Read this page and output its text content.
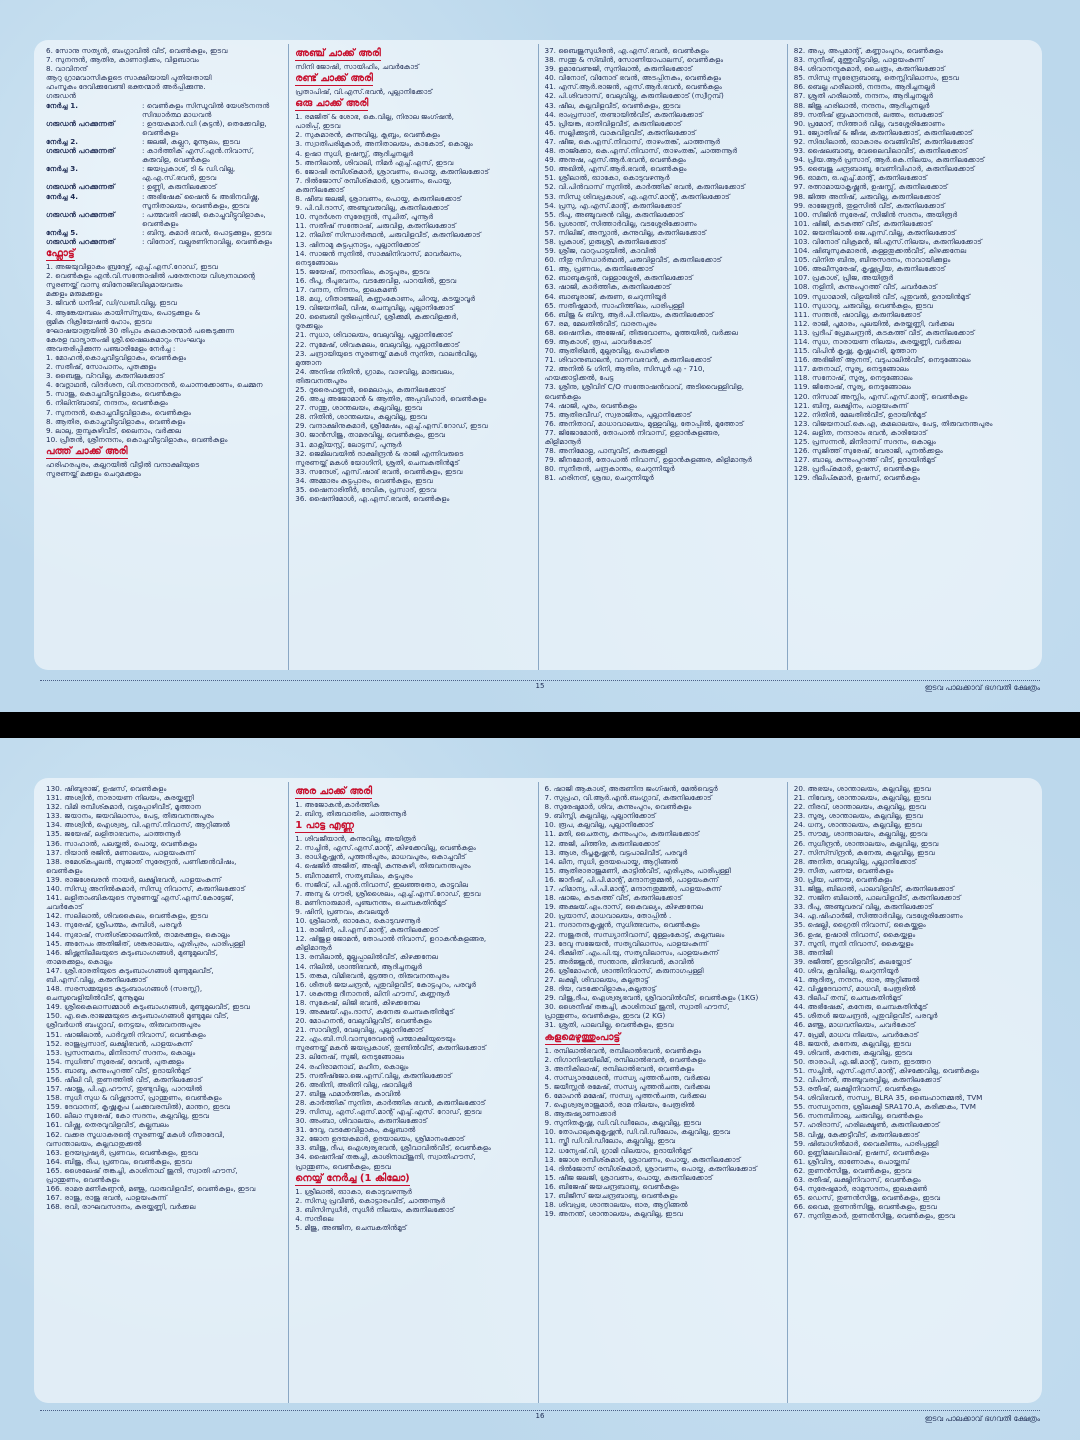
6. സോനു സത്യൻ, ബംഗ്ലാവിൽ വീട്, വെൺകുളം, ഇടവ
7. സുനന്ദൻ, ആതിര, കാണാദ്ദിക്കം, വിളബാവം
8. വാവിനന്ദ്
ആറു ഗ്രാമവാസികളുടെ സാക്ഷിയായി പുതിയതായി
ഹംസൂകം ദേവിക്കുവേണ്ടി ഭക്തന്മാർ അർപ്പിക്കുന്നു.
ഗരുഡൻ
നേർച്ച 1.	: വെൺകുളം സിന്ധൂവിൽ യേശ്ടനന്ദൻ സിദ്ധാർത്ഥ മാധവൻ
ഗരുഡൻ പറക്കുന്നത്	: ഉദയകുമാർ.ഡി (കുട്ടൻ), തെക്കേവിള, വെൺകുളം
നേർച്ച 2.	: ജലജി, കല്ലറ, മൂന്നൂലം, ഇടവ
ഗരുഡൻ പറക്കുന്നത്	: കാർത്തിക് എസ്.എൻ.നിവാസ്, കുരുവിള, വെൺകുളം
നേർച്ച 3.	: ജയപ്രകാശ്, ടി & ഡി.വില്ല, എ.എ.സ്.ഭവൻ, ഇടവ
ഗരുഡൻ പറക്കുന്നത്	: ഉണ്ണി, കരുനിലക്കോട്
നേർച്ച 4.	: അഭിഷേക് ഷൈൻ & അഭിനവിഷ്ണു, സൂനിതാലയം, വെൺകുളം, ഇടവ
ഗരുഡൻ പറക്കുന്നത്	: പത്മവതി ഷാജി, കൊച്ചുവീട്ടുവിളാകം, വെൺകുളം
നേർച്ച 5.	: ബിന്ദു, കുമാർ ഭവൻ, പൊട്ടക്കുളം, ഇടവ
ഗരുഡൻ പറക്കുന്നത്	: വിനോദ്, വല്ലരണിനാവില്ല, വെൺകുളം
ഫ്ലോട്ട്
1. അജയുവിളാകം ബ്രദേഴ്സ്, എച്ച്.എസ്.റോഡ്, ഇടവ
2. വെൺകുളം എൻ.വി.സന്തോഷിൽ പരേതനായ വിശ്വനാഥന്റെ
സ്മരണയ്ക്ക് വാസു ബിനോജ്ഭവിലുമായവരും
മക്കളും മരുമക്കളും
3. ജിവൻ ധനീഷ്, ഡി/ഡബി.വില്ല, ഇടവ
4. ആങ്കേയമ്പലം കായിസ്സ്നയം, പൊട്ടക്കുളം &
ഭൂമിക റിക്രിയേഷൻ ഹോം, ഇടവ
ഘോഷയാത്രയിൽ 30 തിപ്പാം കലാകാരന്മാർ പങ്കെടുക്കുന്ന
കേരള വാദ്യാതംഷി ശ്രീ.ഷൈലകുമാറും സംഘവും
അവതരിപ്പിക്കുന്ന പഞ്ചാരിമേളം നേർച്ച :
1. മോഹൻ,കൊച്ചുവീട്ടുവിളാകം, വെൺകുളം
2. സതീഷ്, സോപാനം, പുതക്കുളം
3. ബൈജു, വ്റവില്ല, കരുനിലക്കോട്
4. വേദ്നാഥൻ, വിദർശന, വി.നന്ദാനന്ദൻ, ചൊന്നക്കോണം, ചെമ്മന
5. സാജു, കൊച്ചുവീട്ടുവിളാകം, വെൺകുളം
6. നിലിന്ബാബ്, നന്ദനം, വെൺകുളം
7. സുനന്ദൻ, കൊച്ചുവീട്ടുവിളാകം, വെൺകുളം
8. ആതിര, കൊച്ചുവീട്ടുവിളാകം, വെൺകുളം
9. ലാലു, തുമ്പുകുഴിവീട്, ലൈനാം, വർക്കല
10. പ്രീതൻ, ശ്രീനന്ദനം, കൊച്ചുവീട്ടുവിളാകം, വെൺകുളം
പത്ത് ചാക്ക് അരി
ഹരിഹരപുരം, കല്ലറയിൽ വീട്ടിൽ വന്ദാക്ഷിയുടെ
സ്മരണയ്ക്ക് മക്കളും ചെറുമക്കളും
അഞ്ച് ചാക്ക് അരി
സിനി ജോഷി, സായിഹിം, ചവർകോട്
രണ്ട് ചാക്ക് അരി
പ്രതാപിഷ്, വി.എസ്.ഭവൻ, പുല്ലാനിക്കോട്
ഒരു ചാക്ക് അരി
1. രമജിത് & ശോഭ, കെ.വില്ല, നിരാല ജംഗ്ഷൻ,
പാരിപ്പ്, ഇടവ
2. സുകുമാരൻ, കുന്നുവില്ല, ക്ലബ്ബം, വെൺകുളം
3. സ്വാതിപരിമുകാർ, അനിതാലയം, കാകോട്, കൊല്ലം
4. ഉഷാ സുധി, ഉഷസ്സ്, ആദിച്ചനല്ലൂർ
5. അനിലാൽ, ശിവാലി, നിമർ എച്ച്.എസ്, ഇടവ
6. ജോഷി രമ്പീശ്കുമാർ, ശ്രാവണം, പൊയ്ക, കരുനിലക്കോട്
7. ദിൽജോസ് രമ്പീശ്കുമാർ, ശ്രാവണം, പൊയ്ക,
കരുനിലക്കോട്
8. ഷീബ ജലജി, ശ്രാവണം, പൊയ്ക, കരുനിലക്കോട്
9. പി.വി.ദാസ്, അഞ്ചുവരുവില്ല, കരുനിലക്കോട്
10. സുദർശന സുരേന്ദ്രൻ, സുചിത്, പൂന്നൂർ
11. സതീഷ് സന്തോഷ്, ചരുവിള, കരുനിലക്കോട്
12. നിലിത് സിന്ധാർത്ഥൻ, ചരുവിളവീട്, കരുനിലക്കോട്
13. ഷിനാമു കുട്ടപ്പനാട്ടം, പുല്ലാനിക്കോട്
14. സാജൻ സുനിൽ, സാക്ഷിനിവാസ്, മാവർലനം,
നെടുങ്ങോലം
15. ജയേഷ്, നന്ദാനിലം, കാട്ടുപുരം, ഇടവ
16. ദീപു, ദീപുഭവനം, വടക്കേവിള, പാറയിൽ, ഇടവ
17. വന്ദന, നിന്ദനം, ഇലകമൺ
18. മധു, ഗീതാഞ്ജലി, കണ്ണംകോണം, ചിറയൂ, കടയ്ക്കാവൂർ
19. വിജയനിലീ, വിഷ, ചെമ്പുവില്ല, പുല്ലാനിക്കോട്
20. ബൈബി ദുരിപ്പെൻഡ്, ശ്രീക്കുമി, കക്കവിളുക്കർ,
ദൂരക്കല്ലും
21. സുധാ, ശിവാലയം, വേലുവില്ല, പുല്ലാനിക്കോട്
22. സുമേഷ്, ശിവകമലം, വേലുവില്ല, പുല്ലാനിക്കോട്
23. ചന്ദ്രായിയുടെ സ്മരണയ്ക്ക് മകൾ സുനിത, വാലൻവില്ല,
മുത്താന
24. അനിഷ നിതിൻ, ഗ്രാമം, വാഴവില്ല, മാരുവലം,
തിരുവനന്തപുരം
25. ദുരൈഫണ്ണൻ, മൈലാപ്പം, കരുനിലക്കോട്
26. അച്ചു അജോമാൻ & ആതിര, അപ്പുവിഹാർ, വെൺകുളം
27. സന്തു, ശാന്തലയം, കല്ലുവില്ല, ഇടവ
28. നിതിൻ, ശാന്തലയം, കല്ലുവില്ല, ഇടവ
29. വന്ദാക്ഷിനുകുമാർ, ശ്രീമേഷം, എച്ച്.എസ്.റോഡ്, ഇടവ
30. ജാൻസിജു, താമരവില്ല, വെൺകുളം, ഇടവ
31. മാക്സിയസ്റ്റ്, ലോട്ടസ്, പുന്നൂർ
32. ജെമിലവയിൽ ദാക്ഷിന്ദ്രൻ & രാജി എന്നിവരുടെ
സ്മരണയ്ക്ക് മകൾ യോഗിനി, ശ്രുതി, ചെമ്പകതിൻമൂട്
33. സന്ദേശ്, എസ്.ഷാഭ് ഭവൻ, വെൺകുളം, ഇടവ
34. അമ്മാരം കുട്ടപ്പാരം, വെൺകുളം, ഇടവ
35. ഷൈനാരിതീർ, ദേവിക, പ്രസാദ്, ഇടവ
36. ഷൈനിമോൾ, എ.എസ്.ഭവൻ, വെൺകുളം
37. ബൈജുസുധീരൻ, എ.എസ്.ഭവൻ, വെൺകുളം
38. സന്തു & സ്ബിൻ, സോണിയാപാലസ്, വെൺകുളം
39. ഉമാവേണുജി, സുനിലാൽ, കരുനിലക്കോട്
40. വിനോദ്, വിനോദ് ഭവൻ, അടപ്പിനകം, വെൺകുളം
41. എസ്.ആർ.രാജൻ, എസ്.ആർ.ഭവൻ, വെൺകുളം
42. പി.ശിവദാസ്, വേലുവില്ല, കരുനിലക്കോട് (സ്വീറ്റമ്പ്)
43. ഷീല, കല്ലുവിളവീട്, വെൺകുളം, ഇടവ
44. രാംപ്രസാദ്, തണ്ടായിൽവീട്, കരുനിലക്കോട്
45. പ്രിയങ്ക, ഭാതിവിളവീട്, കരുനിലക്കോട്
46. സല്ലിക്കുട്ടൻ, വാകുവിളവീട്, കരുനിലക്കോട്
47. ഷീജ, കെ.എസ്.നിവാസ്, താഴംതങ്ക്, ചാത്തന്നൂർ
48. താജ്ക്കോ, കെ.എസ്.നിവാസ്, താഴംതങ്ക്, ചാത്തന്നൂർ
49. അനുഷ, എസ്.ആർ.ഭവൻ, വെൺകുളം
50. അഖിൽ, എസ്.ആർ.ഭവൻ, വെൺകുളം
51. ശ്രീലാൽ, ഓാകോ, കൊടുവഴന്നൂർ
52. വി.പിൻവാസ് സുനിൽ, കാർത്തിക് ഭവൻ, കരുനിലക്കോട്
53. സിന്ധു ശിവപ്രകാശ്, എ.എസ്.മാന്റ്, കരുനിലക്കോട്
54. പ്രസു, എ.എസ്.മാന്റ്, കരുനിലക്കോട്
55. ദീപു, അഞ്ചുവരൻ വില്ല, കരുനിലക്കോട്
56. പ്രശാന്ത്, സിത്താർവില്ല, വടശ്ശേരിക്കോണം
57. സിലിജ്, അസ്ലാൻ, കുന്നുവില്ല, കരുനിലക്കോട്
58. പ്രകാശ്, ഗുരുശ്രീ, കരുനിലക്കോട്
59. ശ്രീജ, വാറുപാട്ടയിൽ, കാവിൽ
60. നീതു സിന്ധാർത്ഥൻ, ചരുവിളവീട്, കരുനിലക്കോട്
61. ആ, പ്രണവം, കരുനിലക്കോട്
62. ബാബുകുട്ടൻ, വള്ളാശ്ശേരി, കരുനിലക്കോട്
63. ഷാജി, കാർത്തിക, കരുനിലക്കോട്
64. ബാബുരാജ്, കരുണ, ചെറുന്നിയൂർ
65. സതീഷ്കുമാർ, സാഹിത്തിലം, പാരിപ്പള്ളി
66. ബിജു & ബിന്ദു, ആർ.പി.നിലയം, കരുനിലക്കോട്
67. രമ, മേലതിൽവീട്, വാരനപുരം
68. ഷൈനിക, അജേഷ്, തിരുവോണം, മുത്തയിൽ, വർക്കല
69. ആകാശ്, രൂപ, ചാവർകോട്
70. ആതിരിമൻ, മുല്ലൂരവില്ല, പൊഴിക്കര
71. ശിവാനുബാലൻ, വാസവഭവൻ, കരുനിലക്കോട്
72. അനിൽ & ഗിനി, ആതിര, സിന്ധൂർ എ - 710,
ഹയക്കാട്ടിക്കൽ, പേട്ട
73. ശ്രീനു, ശ്രീവിദ് C/O സന്തോഷൻവാവ്, അടിവൈള്ളിവിള,
വെൺകുളം
74. ഷാജി, പൂരം, വെൺകുളം
75. ആതിരവീഡ്, സ്വരാജിതം, പുല്ലാനിക്കോട്
76. അനിതാവ്, മാധാവാലയം, മുള്ളുവില്ല, തോപ്പിൽ, മൂത്തോട്
77. ജിജോമോൻ, തോപാൽ നിവാസ്, ഉളാൻകുളങ്ങര,
കിളിമാനൂർ
78. അനിമോളു, പാമ്പുവീട്, കരുക്കള്ളി
79. ജീനമോൻ, തോപാൽ നിവാസ്, ഉളാൻകുളങ്ങര, കിളിമാനൂർ
80. സുനീതൻ, ചന്ദ്രകാന്തം, ചെറുന്നിയൂർ
81. ഹരിനന്ദ്, ശ്രദ്ധ, ചെറുന്നിയൂർ
82. അപ്പു, അപ്പുമാന്റ്, കണ്ണാംപുറം, വെൺകുളം
83. സുനീഷ്, മുത്തുവീട്ടുവിള, പാളയംകുന്ന്
84. ശിവാനന്ദുകുമാർ, ചൈത്രം, കരുനിലക്കോട്
85. സിന്ധു സുരേന്ദ്രബാബു, തെസ്സിവിലാസം, ഇടവ
86. ബെല്ലു ഹരീലാൽ, നന്ദനം, ആദിച്ചനല്ലൂർ
87. ശ്രുതി ഹരീലാൽ, നന്ദനം, ആദിച്ചനല്ലൂർ
88. ജിജു ഹരിലാൽ, നന്ദനം, ആദിച്ചനല്ലൂർ
89. സതീഷ് ബ്രഹ്മാനന്ദൻ, ലത്തം, ഒമ്പക്കോട്
90. പ്രമോദ്, സിത്താർ വില്ല, വടശ്ശേരിക്കോണം
91. ജ്യോതിഷ് & ജീഷ, കരുനിലക്കോട്, കരുനിലക്കോട്
92. സിദ്ധിലാൽ, ഓാകാരം വെങ്ങിവീട്, കരുനിലക്കോട്
93. ഷൈലബാബു, വേലൈവിലാവീട്, കരുനിലക്കോട്
94. പ്രിയ.ആർ പ്രസാദ്, ആർ.കെ.നിലയം, കരുനിലക്കോട്
95. ബൈജു ചന്ദ്രബാബു, വേണിവിഹാർ, കരുനിലക്കോട്
96. ഓമന, ഒ.എച്ച്.മാന്റ്, കരുനിലക്കോട്
97. രത്നാമായാകൃഷ്ണൻ, ഉഷസ്സ്, കരുനിലക്കോട്
98. ജിത്ത അനിഷ്, ചരുവില്ല, കരുനിലക്കോട്
99. രാജേന്ദ്രൻ, തുളസിൽ വീട്, കരുനിലക്കോട്
100. സിജിൻ സുരേഷ്, സിജിൻ സദനം, അയിരൂർ
101. ഷിജി, കടകത്ത് വീട്, കരുനിലക്കോട്
102. ജയന്ദിലാൽ ജെ.എസ്.വില്ല, കരുനിലക്കോട്
103. വിനോദ് വിക്രമൻ, ജി.എസ്.നിലയം, കരുനിലക്കോട്
104. ഷിബുസുകുമാരൻ, കുള്ളതുക്കൽവീട്, കിഴക്കനേല
105. വിനിത ബിനു, ബിനുസദനം, നാവായിക്കുളം
106. അലീസുരേഷ്, കൃഷ്ണപ്രിയ, കരുനിലക്കോട്
107. പ്രകാശ്, പ്രിജ, അയിരൂർ
108. നളിനി, കുന്നുംപുറത്ത് വീട്, ചവർകോട്
109. സുധാമാരി, വിളയിൽ വീട്, പുതുവൽ, ഉദായിൻമൂട്
110. സുധാവു, ചരുവില്ല, വെൺകുളം, ഇടവ
111. സന്തൻ, ഷാവില്ല, കരുനിലക്കോട്
112. രാജി, പൂമാരം, പുലയിൽ, കുരയ്ക്കണ്ണി, വർക്കല
113. പ്രദീപ് പ്രേമചന്ദ്രൻ, കടകത്ത് വീട്, കരുനിലക്കോട്
114. സുധ, നാരായണ നിലയം, കുരയ്ക്കണ്ണി, വർക്കല
115. വിപിൻ കൃഷ്ണ, കൃഷ്ണഹരി, മൂത്താന
116. അഭിജിത് ആനന്ദ്, വടുപാലിൽവീട്, നെടുങ്ങോലം
117. മതനാഥ്, സൂര്യ, നെടുങ്ങോലം
118. സനോഷ്, സൂര്യ, നെടുങ്ങോലം
119. ജിതോഷ്, സൂര്യ, നെടുങ്ങോലം
120. നിസാമ് അസ്സിം, എസ്.എസ്.മാന്റ്, വെൺകുളം
121. ബിന്ദു, ലക്ഷ്മിനം, പാളയംകുന്ന്
122. നിതിൻ, മേലതിൽവീട്, ഉദായിൻമൂട്
123. വിജയനാഥ്.കെ.എ, കമലാലയം, പേട്ട, തിരുവനന്തപുരം
124. ലളിത, നന്ദാരാം ഭവൻ, കാരിയോട്
125. പ്രസന്നൻ, മിനിദാസ് സദനം, കൊല്ലം
126. സുജിത്ത് സുരേഷ്, വേരാജി, പുനൽക്കളും
127. ബാലു, കുന്നുംപുറത്ത് വീട്, ഉദായിൻമൂട്
128. പ്രദീപ്കുമാർ, ഉഷസ്, വെൺകുളം
129. ദീലിപ്കുമാർ, ഉഷസ്, വെൺകുളം
15	ഇടവ പാലക്കാവ് ഭഗവതി ക്ഷേത്രം
130. ഷിബുരാജ്, ഉഷസ്, വെൺകുളം
131. അശ്വിൻ, നാരായണ നിലയം, കുരയ്ക്കണ്ണി
132. വിമി രമ്പീശ്കുമാർ, വട്ടപ്പോഴിവീട്, മൂത്താന
133. ജയാനം, ജയവിലാസം, പേട്ട, തിരുവനന്തപുരം
134. അശ്വിൻ, ഐശ്വര്യ, വി.എസ്.നിവാസ്, ആറ്റിങ്ങൽ
135. ജയേഷ്, ലളിതാഭവനം, ചാത്തന്നൂർ
136. സാഹാൽ, പലയ്ക്കൽ, പൊയ്ക, വെൺകുളം
137. ദിയാൻ രജിൻ, മണാലയം, പാളയംകുന്ന്
138. രമേശ്കപൂലൻ, സുജാത് സുരേന്ദ്രൻ, പണിക്കൻവിഷം,
വെൺകുളം
139. രാജശേഖരൻ നായർ, ലക്ഷ്മിഭവൻ, പാളയംകുന്ന്
140. സിന്ധു അനിൽകുമാർ, സിന്ധു നിവാസ്, കരുനിലക്കോട്
141. ലളിതാംബികയുടെ സ്മരണയ്ക്ക് എസ്.എസ്.കോട്ടേജ്,
ചവർകോട്
142. സലിലാൽ, ശിവകൈലം, വെൺകുളം, ഇടവ
143. സുരേഷ്, ശ്രീപത്മം, കുമ്പിൾ, പരവൂർ
144. സുഭാഷ്, സതിശ്ക്കാലെനിൽ, താമരക്കുളം, കൊല്ലം
145. അനേപം അതിജിത്, ശങ്കരാലയം, എരിപ്പുരം, പാരിപ്പള്ളി
146. ജിഷ്ണുനിലീലയുടെ കുടുംബാംഗങ്ങൾ, മുണ്ടുമുലവീട്,
താമരക്കുളം, കൊല്ലം
147. ശ്രീ.ഭാരതിയുടെ കുടുംബാംഗങ്ങൾ മുണ്ടുമുലവീട്,
ബി.എസ്.വില്ല, കരുനിലക്കോട്
148. സരസമ്മയുടെ കുടുംബാംഗങ്ങൾ (സരസ്സ്),
ചെമ്പുവെളിയിൽവീട്, മൂന്നൂമൂല
149. ശ്രീകൈലാസമ്മാൾ കുടുംബാംഗങ്ങൾ, മുണ്ടുമുലവീട്, ഇടവ
150. എ.കെ.രാജമ്മയുടെ കുടുംബാംഗങ്ങൾ മുണ്ടുമുല വീട്,
ശ്രീവർധൻ ബംഗ്ലാവ്, നെട്ടയം, തിരുവനന്തപുരം
151. ഷാജിലാൽ, പാർവ്വതി നിവാസ്, വെൺകുളം
152. രാജുപ്രസാദ്, ലക്ഷ്മിഭവൻ, പാളയംകുന്ന്
153. പ്രസന്നമനം, മിനിദാസ് സദനം, കൊല്ലം
154. സുധിത്സ് സുരേഷ്, ദേവൻ, പുതക്കുളം
155. ബാബു, കുന്നുംപുറത്ത് വീട്, ഉദായിൻമൂട്
156. ഷീലി വി, തുണത്തിൽ വീട്, കരുനിലക്കോട്
157. ഷാജു, പി.എ.ഹൗസ്, തുണ്ടുവില്ല, പാറയിൽ
158. സുധീ സുധ & വിഷ്ണുദാസ്, പ്രാന്തുണം, വെൺകുളം
159. ദേവാനന്ദ്, കൃഷ്ണകൃപ (ചക്കുവരമ്പിൽ), മാന്തറ, ഇടവ
160. ലീലാ സുരേഷ്, കോ സദനം, കല്ലുവില്ല, ഇടവ
161. വിഷ്ണു, തെരവുവിളവീട്, കല്ലമ്പലം
162. വക്കര സൂധാകരന്റെ സ്മരണയ്ക്ക് മകൾ ഗീതാദേവി,
വസന്താലയം, കല്ലുവാതുക്കൽ
163. ഉദയപ്രഷ്യർ, പ്രണവം, വെൺകുളം, ഇടവ
164. ബിജു, ദീപ, പ്രണവം, വെൺകുളം, ഇടവ
165. ശൈലേഷ് തങ്കച്ചി, കാശിനാഥ് ജൂന്ദി, സ്വാതി ഹൗസ്,
പ്രാന്തുണം, വെൺകുളം
166. രാമര മണികണ്ഠൻ, മഞ്ജു, വാരുവിളവീട്, വെൺകുളം, ഇടവ
167. രാജു, രാജു ഭവൻ, പാളയംകുന്ന്
168. രവി, രാഘവസദനം, കുരയ്ക്കണ്ണി, വർക്കല
അര ചാക്ക് അരി
1. അജോകൻ,കാർത്തിക
2. ബിന്ദു, തിരുവാതിര, ചാത്തന്നൂർ
1 പാട്ട എണ്ണ
1. ശിവജീയാൻ, കുന്നുവില്ല, അയിരൂർ
2. സച്ചിൻ, എസ്.എസ്.മാന്റ്, കിഴക്കേവില്ല, വെൺകുളം
3. രാധികൃഷ്ണൻ, പുത്തൻപുരം, മാധവപുരം, കൊച്ചുവീട്
4. ഷെജിർ അജിത്, അഷ്ടി, കുന്നുകുഴി, തിരുവനന്തപുരം
5. ബീനാമണി, സത്യബിലം, കട്ടുപുരം
6. സജീവ്, പി.എൻ.നിവാസ്, ഇലഞ്ഞതോ, കാട്ടുവില
7. അമ്പു & ഗൗരി, ശ്രീശൈലം, എച്ച്.എസ്.റോഡ്, ഇടവ
8. മണിനാരുമാർ, പുഞ്ചനന്തം, ചെമ്പകതിൻമൂട്
9. ഷിനി, പ്രണവം, കവലയൂർ
10. ശ്രീലാൽ, ഓാകോ, കൊടുവഴന്നൂർ
11. രാജിനി, പി.എസ്.മാന്റ്, കരുനിലക്കോട്
12. ഷിജുള ജോമൻ, തോപാൽ നിവാസ്, ഉറാകൻകുളങ്ങര,
കിളിമാനൂർ
13. രമ്പീലാൽ, മുല്ലപ്പാലിൽവീട്, കിഴക്കനേല
14. നിലിൽ, ശാന്തിഭവൻ, ആദിച്ചനല്ലൂർ
15. തങ്കമ, വിമിഭവൻ, മുട്ടത്തറ, തിരുവനന്തപുരം
16. ശീതൾ ജയചന്ദ്രൻ, പുതുവിളവീട്, കോട്ടപുറം, പരവൂർ
17. ശകുന്തള ദീനാനൻ, ലിനി ഹൗസ്, കണ്ണനൂർ
18. സുകേഷ്, ലിജി ഭവൻ, കിഴക്കനേല
19. അക്ഷയ്.എം.ദാസ്, കനേരു ചെമ്പകതിൻമൂട്
20. മോഹനൻ, വേലുവില്ലവീട്, വെൺകുളം
21. സാവിത്രി, വേലുവില്ല, പുല്ലാനിക്കോട്
22. എം.ബി.സി.വാസുദേവന്റെ പത്മാക്ഷിയുടെയും
സ്മരണയ്ക്ക് മകൻ ജയപ്രകാശ്, തുണ്ടിൽവീട്, കരുനിലക്കോട്
23. ലിനേഷ്, സുജി, നെടുങ്ങോലം
24. രഹിരാമനാഥ്, മഹീന, കൊല്ലം
25. സതീഷ്ജോ.ജെ.എസ്.വില്ല, കരുനിലക്കോട്
26. അഭിനി, അഭിനി വില്ല, ഷാവില്ലൂർ
27. ബിജു ഫമാർത്തിക, കാവിൽ
28. കാർത്തിക് സുനിത, കാർത്തിക ഭവൻ, കരുനിലക്കോട്
29. സിന്ധു, എസ്.എസ്.മാന്റ് എച്ച്.എസ്. റോഡ്, ഇടവ
30. അംബാ, ശിവാലയം, കരുനിലക്കോട്
31. ദേവു, വടക്കേവിളാകം, കല്ലുബാൽ
32. ജോന ഉദയകുമാർ, ഉദയാലയം, ശ്രീമാനംക്കോട്
33. ബിജു, ദീപ, ഐശ്വര്യഭവൻ, ശ്രീവാവിൽവീട്, വെൺകുളം
34. ഷൈനീഷ് തങ്കച്ചി, കാശിനാഥ്ജൂന്ദി, സ്വാതിഹൗസ്,
പ്രാന്തുണം, വെൺകുളം, ഇടവ
നെയ്യ് നേർച്ച (1 കിലോ)
1. ശ്രീലാൽ, ഓാകാ, കൊടുവഴന്നൂർ
2. സിന്ധു പ്രവീൺ, കൊട്ടാരംവീട്, ചാത്തന്നൂർ
3. ബിസിസുധീർ, സുധീർ നിലയം, കരുനിലക്കോട്
4. സന്ദീലെ
5. മിജു, അഞ്ജിന, ചെമ്പകതിൻമൂട്
6. ഷാജി ആകാശ്, അരുണിന്ദ ജംഗ്ഷൻ, മേൽവെട്ടൂർ
7. സുപ്രഹ, വി.ആർ.എൻ.ബംഗ്ലാവ്, കരുനിലക്കോട്
8. സുരേഷുമാർ, ശിവ, കുന്നുംപുറം, വെൺകുളം
9. ബിസ്നി, കല്ലുവില്ല, പുല്ലാനിക്കോട്
10. രൂപ, കല്ലുവില്ല, പുല്ലാനിക്കോട്
11. മതി, ചൈതന്യ, കുന്നുംപുറം, കരുനിലക്കോട്
12. അജി, ചിത്തിര, കരുനിലക്കോട്
13. ആശ, ദീപ്തകൃഷ്ണൻ, വട്ടപാലിവീട്, പരവൂർ
14. ലീന, സുധി, ഉദയപൊയ്ക, ആറ്റിങ്ങൽ
15. ആതിരാരാജുമണി, കാട്ടിൽവീട്, എരിപ്പുരം, പാരിപ്പള്ളി
16. ജാദീഷ്, പി.പി.മാന്റ്, മന്ദാനതുമ്മൽ, പാളയംകുന്ന്
17. ഹിമാന്യ, പി.പി.മാന്റ്, മന്ദാനതുമ്മൽ, പാളയംകുന്ന്
18. ഷാജം, കടകത്ത് വീട്, കരുനിലക്കോട്
19. അക്ഷയ്.എം.ദാസ്, കൈവല്യം, കിഴക്കനേല
20. പ്രയാസ്, മാധവാലയം, തോപ്പിൽ .
21. സദാനന്ദകൃഷ്ണൻ, സുധിത്ഭവനം, വെൺകുളം
22. സജൂതൻ, സന്ധ്യാനിവാസ്, മുള്ളംകോട്ട്, കല്ലമ്പലം
23. ദേവു സജേയൻ, സത്യവിലാസം, പാളയംകുന്ന്
24. ദീക്ഷിത് .എം.പി.യു, സത്യവിലാസം, പാളയംകുന്ന്
25. അർജ്ജുൻ, സന്താനു, മിനിഭവൻ, കാവിൽ
26. ശ്രീമോഹൻ, ശാന്തിനിവാസ്, കരുനാഗപ്പള്ളി
27. ലക്ഷ്മി, ശിവാലയം, കല്ലുതാട്ട്
28. ദിയ, വടക്കേവിളാകം,കല്ലുതാട്ട്
29. വിജു,ദീപ, ഐശ്വര്യഭവൻ, ശ്രീവാവിൽവീട്, വെൺകുളം (1KG)
30. ശൈനീഷ് തങ്കച്ചി, കാശിനാഥ് ജൂന്ദി, സ്വാതി ഹൗസ്,
പ്രാന്തുണം, വെൺകുളം, ഇടവ (2 KG)
31. ശ്രുതി, പാലവില്ല, വെൺകുളം, ഇടവ
കളമെഴുത്തുംപാട്ട്
1. രമ്പിലാൽഭവൻ, രമ്പിലാൽഭവൻ, വെൺകുളം
2. നിഗാനിഷയിലീമ്, രമ്പിലാൽഭവൻ, വെൺകുളം
3. അനികിലാഷ്, രമ്പിലാൽഭവൻ, വെൺകുളം
4. സന്ധ്യാരമേശൻ, സന്ധ്യ പുത്തൻചന്ത, വർക്കല
5. ജയീസ്സൻ രമേഷ്, സന്ധ്യ പുത്തൻചന്ത, വർക്കല
6. മോഹൻ മമേഷ്, സന്ധ്യ പുത്തൻചന്ത, വർക്കല
7. ഐശ്വര്യരാജുമാർ, രാമ നിലയം, പേരൂരിൽ
8. ആരുഷ്യാണാക്കാർ
9. സുനിതകൃഷ്ണ, ഡി.വി.ഡീലോം, കല്ലുവില്ല, ഇടവ
10. തോപാലുകമുകൃഷ്ണൻ, ഡി.വി.ഡീലോം, കല്ലുവില്ല, ഇടവ
11. സ്ത്രീ ഡി.വി.ഡീലോം, കല്ലുവില്ല, ഇടവ
12. ധന്യേഷ്.വി, ഗ്രാമി വിലയാം, ഉദായിൻമൂട്
13. ജോശ രമ്പീശ്കുമാർ, ശ്രാവണം, പൊയ്ക, കരുനിലക്കോട്
14. ദിൽജോസ് രമ്പീശ്കുമാർ, ശ്രാവണം, പൊയ്ക, കരുനിലക്കോട്
15. ഷീജ ജലജി, ശ്രാവണം, പൊയ്ക, കരുനിലക്കോട്
16. ബിജേഷ് ജയചന്ദ്രബാബു, വെൺകുളം
17. ബിജീസ് ജയചന്ദ്രബാബു, വെൺകുളം
18. ശിവപ്രഭ, ശാന്താലയം, ഓര, ആറ്റിങ്ങൽ
19. അനന്ത്, ശാന്താലയം, കല്ലുവില്ല, ഇടവ
20. അഭയം, ശാന്താലയം, കല്ലുവില്ല, ഇടവ
21. നിവേദ്യ, ശാന്താലയം, കല്ലുവില്ല, ഇടവ
22. നീരവ്, ശാന്താലയം, കല്ലുവില്ല, ഇടവ
23. സൂര്യ, ശാന്താലയം, കല്ലുവില്ല, ഇടവ
24. ധന്യ, ശാന്താലയം, കല്ലുവില്ല, ഇടവ
25. സൗമ്യ, ശാന്താലയം, കല്ലുവില്ല, ഇടവ
26. സുധീന്ദ്രൻ, ശാന്താലയം, കല്ലുവില്ല, ഇടവ
27. സിസ്സ്ന്ദ്രൻ, കനേരു, കല്ലുവില്ല, ഇടവ
28. അനിത, വേലുവില്ല, പുല്ലാനിക്കോട്
29. സീത, പണയ, വെൺകുളം
30. പ്രിയ, പണയ, വെൺകുളം
31. ജിജു, ബിലാൽ, പാലവിളവീട്, കരുനിലക്കോട്
32. സജിന ബിലാൽ, പാലവിളവീട്, കരുനിലക്കോട്
33. ദീപു, അഞ്ചുവരവ് വില്ല, കരുനിലക്കോട്
34. എ.ഷിഹാർജി, സിത്താർവില്ല, വടശ്ശേരിക്കോണം
35. ഷെല്ലി, ഗ്രൈതി നിവാസ്, കൈയ്ക്കുളം
36. ഉഷ, ഉഷാരി നിവാസ്, കൈയ്ക്കുളം
37. സൂനി, സൂനി നിവാസ്, കൈയ്ക്കുളം
38. അനിജി
39. രജീത്ത്, ഇടവിളവീട്, കലയ്ക്കോട്
40. ശിവ, കൂവിലില്ല, ചെറുന്നിയൂർ
41. ആദിത്യ, നന്ദനം, ഓര, ആറ്റിങ്ങൽ
42. വിഷ്ണുദേവാസ്, മാധവീ, പേരൂരിൽ
43. ദിലീപ് തമ്പ്, ചെമ്പകതിൻമൂട്
44. അഭിഷേക്, കനേരു, ചെമ്പകതിൻമൂട്
45. ശീതൾ ജയചന്ദ്രൻ, പുതുവിളവീട്, പരവൂർ
46. മഞ്ജു, മാധവനിലയം, ചവർകോട്
47. പ്രേമി, മാധവ നിലയം, ചവർകോട്
48. ജയൻ, കനേരു, കല്ലുവില്ല, ഇടവ
49. ശിവൻ, കനേരു, കല്ലുവില്ല, ഇടവ
50. താരാപി, എ.ജി.മാന്റ്, വരന, ഇടത്തറ
51. സച്ചിൻ, എസ്.എസ്.മാന്റ്, കിഴക്കേവില്ല, വെൺകുളം
52. വിപിനൻ, അഞ്ചുവരവ്വില്ല, കരുനിലക്കോട്
53. രതീഷ്, ലക്ഷ്മിനിവാസ്, വെൺകുളം
54. ശിവിഭവൻ, സന്ധ്യ, BLRA 35, ബൈഹാനമ്മൽ, TVM
55. സന്ധ്യാനന്ദ, ശ്രീലക്ഷ്മി SRA170.A, കരിക്കകം, TVM
56. സനമ്പിനാലു, ചരുവില്ല, വെൺകുളം
57. ഹരിദാസ്, ഹരിലക്ഷ്മൺ, കരുനിലക്കോട്
58. വിഷ്ണു, കേക്കട്ടീവീട്, കരുനിലക്കോട്
59. ഷിബാഗിൽമാർ, വൈകിണ്ടം, പാരിപ്പള്ളി
60. ഉണ്ണിമലവിലാഷ്, ഉഷസ്, വെൺകുളം
61. ശ്രീവിദ്യ, ഓണോകം, പൊയ്ക്കുമ്പ്
62. തുണൻസിജു, വെൺകുളം, ഇടവ
63. രതീഷ്, ലക്ഷ്മിനിവാസ്, വെൺകുളം
64. സുരേഷുമാർ, രാമുസദനം, ഇലകമൺ
65. ഡെസ്, തുണൻസിജു, വെൺകുളം, ഇടവ
66. വൈമ, തുണൻസിജു, വെൺകുളം, ഇടവ
67. സുനിതുകാർ, തുണൻസിജു, വെൺകുളം, ഇടവ
16	ഇടവ പാലക്കാവ് ഭഗവതി ക്ഷേത്രം
